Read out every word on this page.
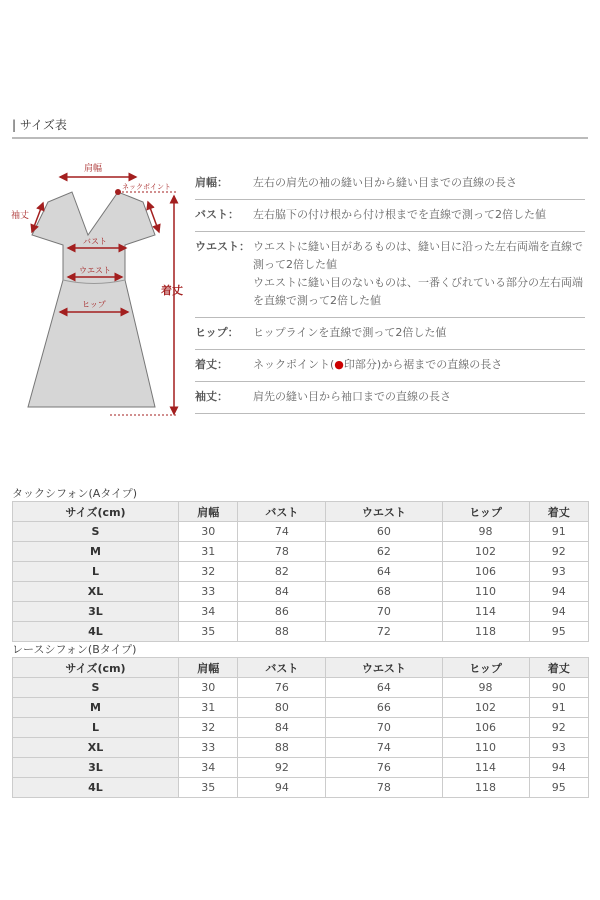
| サイズ表
肩幅
ネックポイント
袖丈
バスト
ウエスト
ヒップ
着丈
肩幅：	左右の肩先の袖の縫い目から縫い目までの直線の長さ
バスト：	左右脇下の付け根から付け根までを直線で測って2倍した値
ウエスト： ウエストに縫い目があるものは、縫い目に沿った左右両端を直線で測って2倍した値
ウエストに縫い目のないものは、一番くびれている部分の左右両端を直線で測って2倍した値
ヒップ：	ヒップラインを直線で測って2倍した値
着丈：	ネックポイント(●印部分)から裾までの直線の長さ
袖丈：	肩先の縫い目から袖口までの直線の長さ
タックシフォン(Aタイプ)
サイズ(cm)	肩幅	バスト	ウエスト	ヒップ	着丈
S	30	74	60	98	91
M	31	78	62	102	92
L	32	82	64	106	93
XL	33	84	68	110	94
3L	34	86	70	114	94
4L	35	88	72	118	95
レースシフォン(Bタイプ)
サイズ(cm)	肩幅	バスト	ウエスト	ヒップ	着丈
S	30	76	64	98	90
M	31	80	66	102	91
L	32	84	70	106	92
XL	33	88	74	110	93
3L	34	92	76	114	94
4L	35	94	78	118	95
